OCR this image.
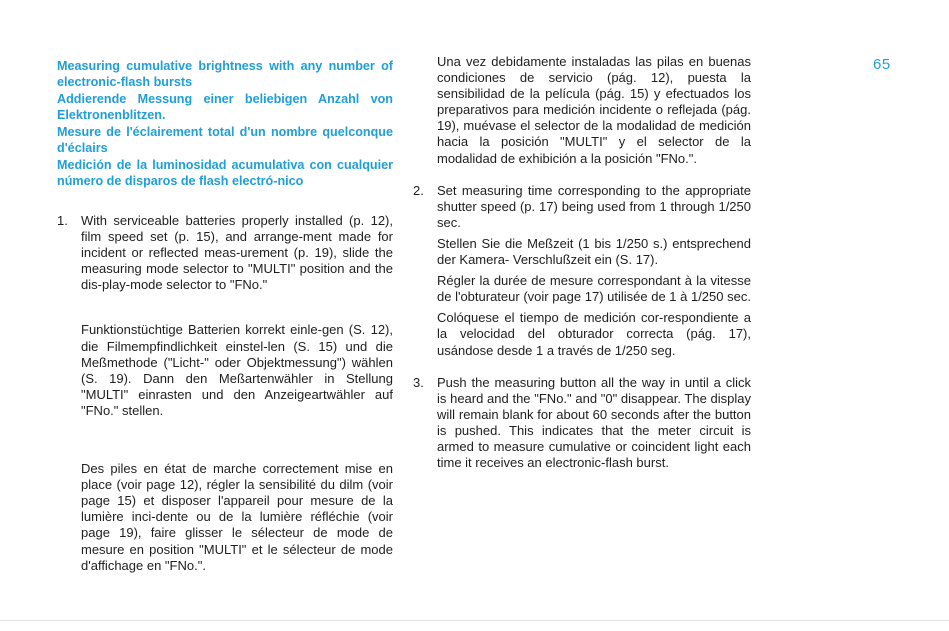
65

Measuring cumulative brightness with any number of electronic-flash bursts

Addierende Messung einer beliebigen Anzahl von Elektronenblitzen.

Mesure de l'éclairement total d'un nombre quelconque d'éclairs

Medición de la luminosidad acumulativa con cualquier número de disparos de flash electró-nico

1.	With serviceable batteries properly installed (p. 12), film speed set (p. 15), and arrange-ment made for incident or reflected meas-urement (p. 19), slide the measuring mode selector to "MULTI" position and the dis-play-mode selector to "FNo."

Funktionstüchtige Batterien korrekt einle-gen (S. 12), die Filmempfindlichkeit einstel-len (S. 15) und die Meßmethode ("Licht-" oder Objektmessung") wählen (S. 19). Dann den Meßartenwähler in Stellung "MULTI" einrasten und den Anzeigeartwähler auf "FNo." stellen.

Des piles en état de marche correctement mise en place (voir page 12), régler la sensibilité du dilm (voir page 15) et disposer l'appareil pour mesure de la lumière inci-dente ou de la lumière réfléchie (voir page 19), faire glisser le sélecteur de mode de mesure en position "MULTI" et le sélecteur de mode d'affichage en "FNo.".

Una vez debidamente instaladas las pilas en buenas condiciones de servicio (pág. 12), puesta la sensibilidad de la película (pág. 15) y efectuados los preparativos para medición incidente o reflejada (pág. 19), muévase el selector de la modalidad de medición hacia la posición "MULTI" y el selector de la modalidad de exhibición a la posición "FNo.".

2.	Set measuring time corresponding to the appropriate shutter speed (p. 17) being used from 1 through 1/250 sec.

Stellen Sie die Meßzeit (1 bis 1/250 s.) entsprechend der Kamera- Verschlußzeit ein (S. 17).

Régler la durée de mesure correspondant à la vitesse de l'obturateur (voir page 17) utilisée de 1 à 1/250 sec.

Colóquese el tiempo de medición cor-respondiente a la velocidad del obturador correcta (pág. 17), usándose desde 1 a través de 1/250 seg.

3.	Push the measuring button all the way in until a click is heard and the "FNo." and "0" disappear. The display will remain blank for about 60 seconds after the button is pushed. This indicates that the meter circuit is armed to measure cumulative or coincident light each time it receives an electronic-flash burst.
